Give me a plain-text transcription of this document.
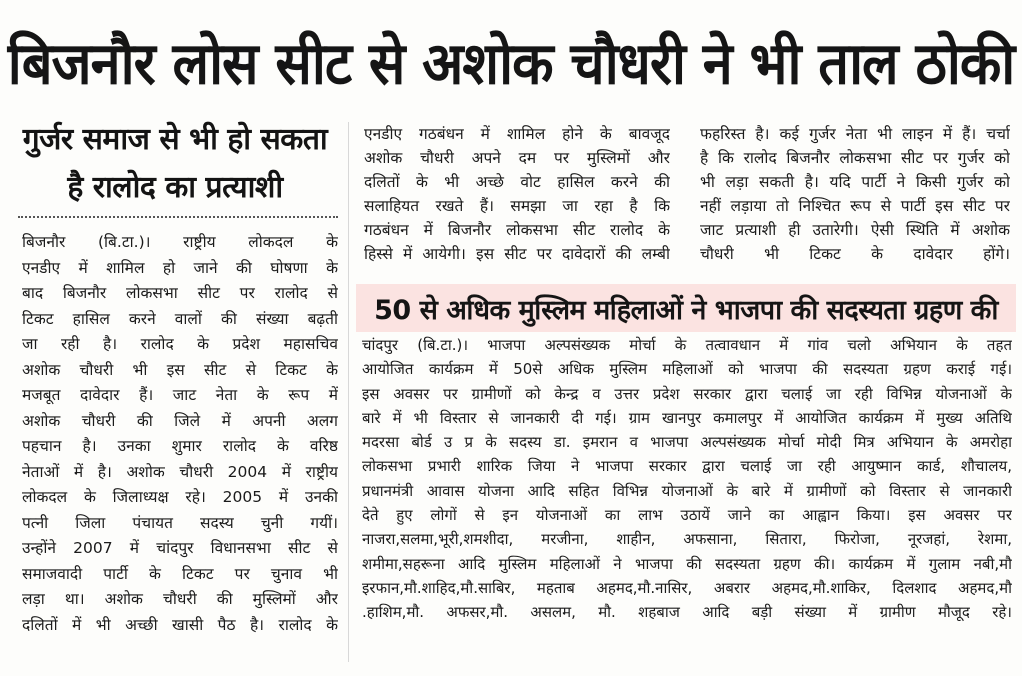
बिजनौर लोस सीट से अशोक चौधरी ने भी ताल ठोकी
गुर्जर समाज से भी हो सकता
है रालोद का प्रत्याशी
बिजनौर (बि.टा.)। राष्ट्रीय लोकदल के
एनडीए में शामिल हो जाने की घोषणा के
बाद बिजनौर लोकसभा सीट पर रालोद से
टिकट हासिल करने वालों की संख्या बढ़ती
जा रही है। रालोद के प्रदेश महासचिव
अशोक चौधरी भी इस सीट से टिकट के
मजबूत दावेदार हैं। जाट नेता के रूप में
अशोक चौधरी की जिले में अपनी अलग
पहचान है। उनका शुमार रालोद के वरिष्ठ
नेताओं में है। अशोक चौधरी 2004 में राष्ट्रीय
लोकदल के जिलाध्यक्ष रहे। 2005 में उनकी
पत्नी जिला पंचायत सदस्य चुनी गयीं।
उन्होंने 2007 में चांदपुर विधानसभा सीट से
समाजवादी पार्टी के टिकट पर चुनाव भी
लड़ा था। अशोक चौधरी की मुस्लिमों और
दलितों में भी अच्छी खासी पैठ है। रालोद के
एनडीए गठबंधन में शामिल होने के बावजूद
अशोक चौधरी अपने दम पर मुस्लिमों और
दलितों के भी अच्छे वोट हासिल करने की
सलाहियत रखते हैं। समझा जा रहा है कि
गठबंधन में बिजनौर लोकसभा सीट रालोद के
हिस्से में आयेगी। इस सीट पर दावेदारों की लम्बी
फहरिस्त है। कई गुर्जर नेता भी लाइन में हैं। चर्चा
है कि रालोद बिजनौर लोकसभा सीट पर गुर्जर को
भी लड़ा सकती है। यदि पार्टी ने किसी गुर्जर को
नहीं लड़ाया तो निश्चित रूप से पार्टी इस सीट पर
जाट प्रत्याशी ही उतारेगी। ऐसी स्थिति में अशोक
चौधरी भी टिकट के दावेदार होंगे।
50 से अधिक मुस्लिम महिलाओं ने भाजपा की सदस्यता ग्रहण की
चांदपुर (बि.टा.)। भाजपा अल्पसंख्यक मोर्चा के तत्वावधान में गांव चलो अभियान के तहत
आयोजित कार्यक्रम में 50से अधिक मुस्लिम महिलाओं को भाजपा की सदस्यता ग्रहण कराई गई।
इस अवसर पर ग्रामीणों को केन्द्र व उत्तर प्रदेश सरकार द्वारा चलाई जा रही विभिन्न योजनाओं के
बारे में भी विस्तार से जानकारी दी गई। ग्राम खानपुर कमालपुर में आयोजित कार्यक्रम में मुख्य अतिथि
मदरसा बोर्ड उ प्र के सदस्य डा. इमरान व भाजपा अल्पसंख्यक मोर्चा मोदी मित्र अभियान के अमरोहा
लोकसभा प्रभारी शारिक जिया ने भाजपा सरकार द्वारा चलाई जा रही आयुष्मान कार्ड, शौचालय,
प्रधानमंत्री आवास योजना आदि सहित विभिन्न योजनाओं के बारे में ग्रामीणों को विस्तार से जानकारी
देते हुए लोगों से इन योजनाओं का लाभ उठायें जाने का आह्वान किया। इस अवसर पर
नाजरा,सलमा,भूरी,शमशीदा, मरजीना, शाहीन, अफसाना, सितारा, फिरोजा, नूरजहां, रेशमा,
शमीमा,सहरूना आदि मुस्लिम महिलाओं ने भाजपा की सदस्यता ग्रहण की। कार्यक्रम में गुलाम नबी,मौ
इरफान,मौ.शाहिद,मौ.साबिर, महताब अहमद,मौ.नासिर, अबरार अहमद,मौ.शाकिर, दिलशाद अहमद,मौ
.हाशिम,मौ. अफसर,मौ. असलम, मौ. शहबाज आदि बड़ी संख्या में ग्रामीण मौजूद रहे।
